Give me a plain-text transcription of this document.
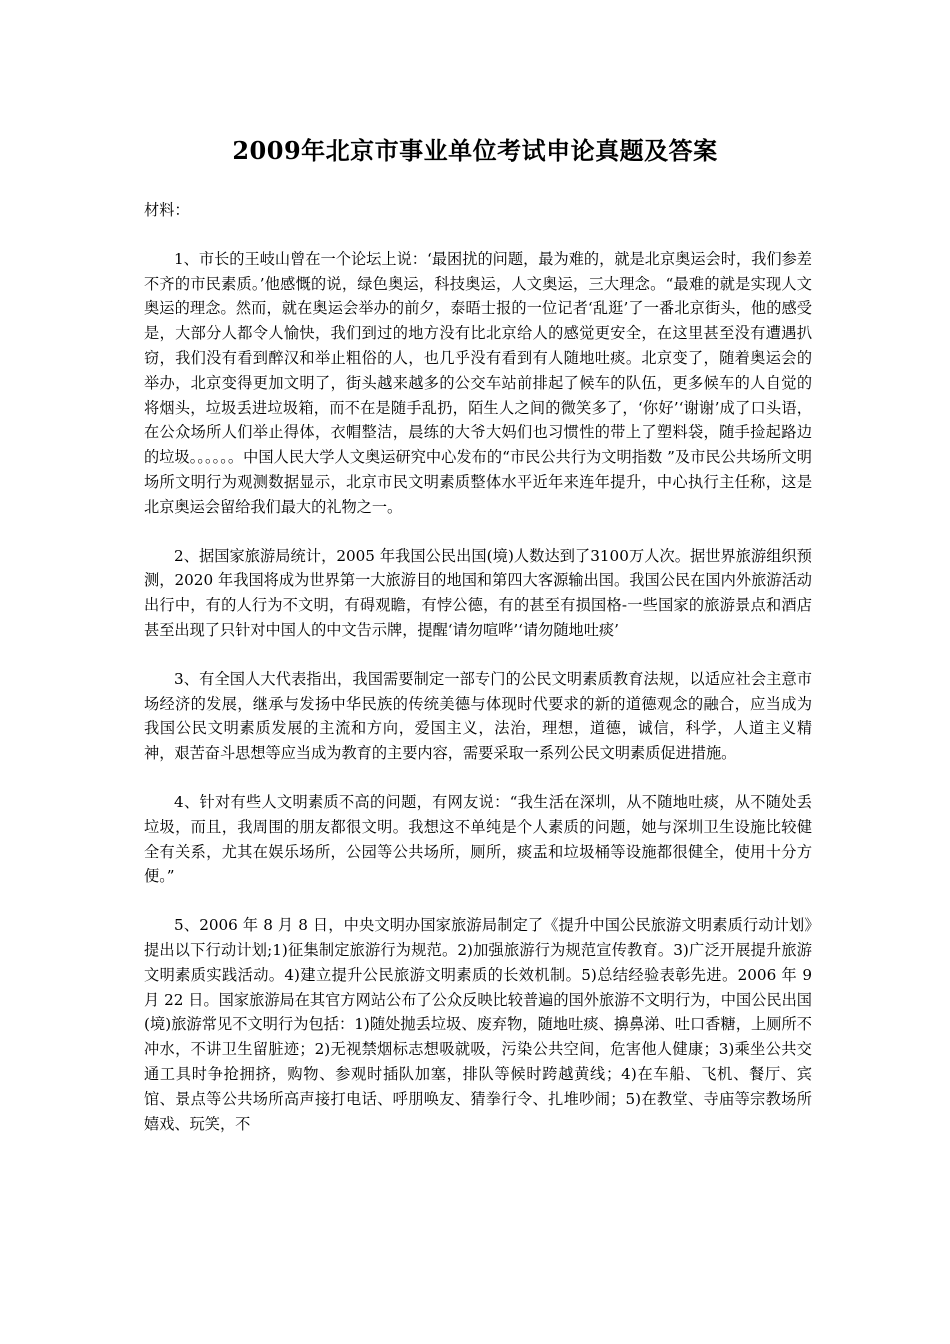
2009年北京市事业单位考试申论真题及答案

材料：

1、市长的王岐山曾在一个论坛上说：‘最困扰的问题，最为难的，就是北京奥运会时，我们参差不齐的市民素质。’他感慨的说，绿色奥运，科技奥运，人文奥运，三大理念。“最难的就是实现人文奥运的理念。然而，就在奥运会举办的前夕，泰晤士报的一位记者‘乱逛’了一番北京街头，他的感受是，大部分人都令人愉快，我们到过的地方没有比北京给人的感觉更安全，在这里甚至没有遭遇扒窃，我们没有看到醉汉和举止粗俗的人，也几乎没有看到有人随地吐痰。北京变了，随着奥运会的举办，北京变得更加文明了，街头越来越多的公交车站前排起了候车的队伍，更多候车的人自觉的将烟头，垃圾丢进垃圾箱，而不在是随手乱扔，陌生人之间的微笑多了，‘你好’‘谢谢’成了口头语，在公众场所人们举止得体，衣帽整洁，晨练的大爷大妈们也习惯性的带上了塑料袋，随手捡起路边的垃圾。。。。。。中国人民大学人文奥运研究中心发布的“市民公共行为文明指数 ”及市民公共场所文明场所文明行为观测数据显示，北京市民文明素质整体水平近年来连年提升，中心执行主任称，这是北京奥运会留给我们最大的礼物之一。

2、据国家旅游局统计，2005 年我国公民出国(境)人数达到了3100万人次。据世界旅游组织预测，2020 年我国将成为世界第一大旅游目的地国和第四大客源输出国。我国公民在国内外旅游活动出行中，有的人行为不文明，有碍观瞻，有悖公德，有的甚至有损国格-一些国家的旅游景点和酒店甚至出现了只针对中国人的中文告示牌，提醒‘请勿喧哗’‘请勿随地吐痰’

3、有全国人大代表指出，我国需要制定一部专门的公民文明素质教育法规，以适应社会主意市场经济的发展，继承与发扬中华民族的传统美德与体现时代要求的新的道德观念的融合，应当成为我国公民文明素质发展的主流和方向，爱国主义，法治，理想，道德，诚信，科学，人道主义精神，艰苦奋斗思想等应当成为教育的主要内容，需要采取一系列公民文明素质促进措施。

4、针对有些人文明素质不高的问题，有网友说：“我生活在深圳，从不随地吐痰，从不随处丢垃圾，而且，我周围的朋友都很文明。我想这不单纯是个人素质的问题，她与深圳卫生设施比较健全有关系，尤其在娱乐场所，公园等公共场所，厕所，痰盂和垃圾桶等设施都很健全，使用十分方便。”

5、2006 年 8 月 8 日，中央文明办国家旅游局制定了《提升中国公民旅游文明素质行动计划》提出以下行动计划;1)征集制定旅游行为规范。2)加强旅游行为规范宣传教育。3)广泛开展提升旅游文明素质实践活动。4)建立提升公民旅游文明素质的长效机制。5)总结经验表彰先进。2006 年 9 月 22 日。国家旅游局在其官方网站公布了公众反映比较普遍的国外旅游不文明行为，中国公民出国(境)旅游常见不文明行为包括：1)随处抛丢垃圾、废弃物，随地吐痰、擤鼻涕、吐口香糖，上厕所不冲水，不讲卫生留脏迹；2)无视禁烟标志想吸就吸，污染公共空间，危害他人健康；3)乘坐公共交通工具时争抢拥挤，购物、参观时插队加塞，排队等候时跨越黄线；4)在车船、飞机、餐厅、宾馆、景点等公共场所高声接打电话、呼朋唤友、猜拳行令、扎堆吵闹；5)在教堂、寺庙等宗教场所嬉戏、玩笑，不
